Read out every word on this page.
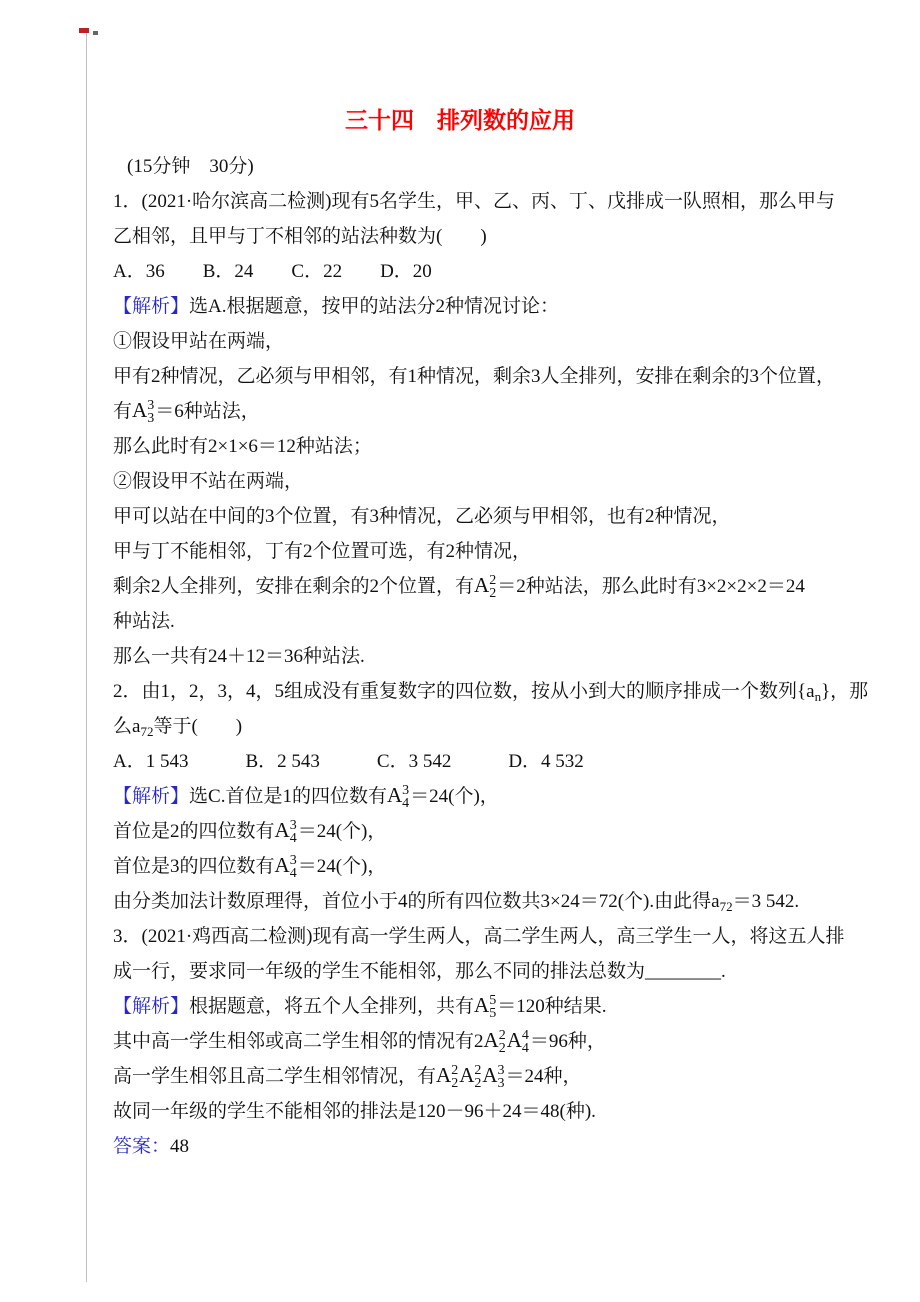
三十四　排列数的应用
(15分钟　30分)
1．(2021·哈尔滨高二检测)现有5名学生，甲、乙、丙、丁、戊排成一队照相，那么甲与
乙相邻，且甲与丁不相邻的站法种数为(　　)
A．36　　B．24　　C．22　　D．20
【解析】选A.根据题意，按甲的站法分2种情况讨论：
①假设甲站在两端，
甲有2种情况，乙必须与甲相邻，有1种情况，剩余3人全排列，安排在剩余的3个位置，
有A 3
3 ＝6种站法，
那么此时有2×1×6＝12种站法；
②假设甲不站在两端，
甲可以站在中间的3个位置，有3种情况，乙必须与甲相邻，也有2种情况，
甲与丁不能相邻，丁有2个位置可选，有2种情况，
剩余2人全排列，安排在剩余的2个位置，有A 2
2 ＝2种站法，那么此时有3×2×2×2＝24
种站法.
那么一共有24＋12＝36种站法.
2．由1，2，3，4，5组成没有重复数字的四位数，按从小到大的顺序排成一个数列$\{a_n\}$，那
么$a_{72}$等于(　　)
A．1 543　　　B．2 543　　　C．3 542　　　D．4 532
【解析】选C.首位是1的四位数有A 3
4 ＝24(个)，
首位是2的四位数有A 3
4 ＝24(个)，
首位是3的四位数有A 3
4 ＝24(个)，
由分类加法计数原理得，首位小于4的所有四位数共3×24＝72(个).由此得$a_{72}=3$ 542.
3．(2021·鸡西高二检测)现有高一学生两人，高二学生两人，高三学生一人，将这五人排
成一行，要求同一年级的学生不能相邻，那么不同的排法总数为________.
【解析】根据题意，将五个人全排列，共有A 5
5 ＝120种结果.
其中高一学生相邻或高二学生相邻的情况有2A 2
2 A 4
4 ＝96种，
高一学生相邻且高二学生相邻情况，有A 2
2 A 2
2 A 3
3 ＝24种，
故同一年级的学生不能相邻的排法是120－96＋24＝48(种).
答案：48
